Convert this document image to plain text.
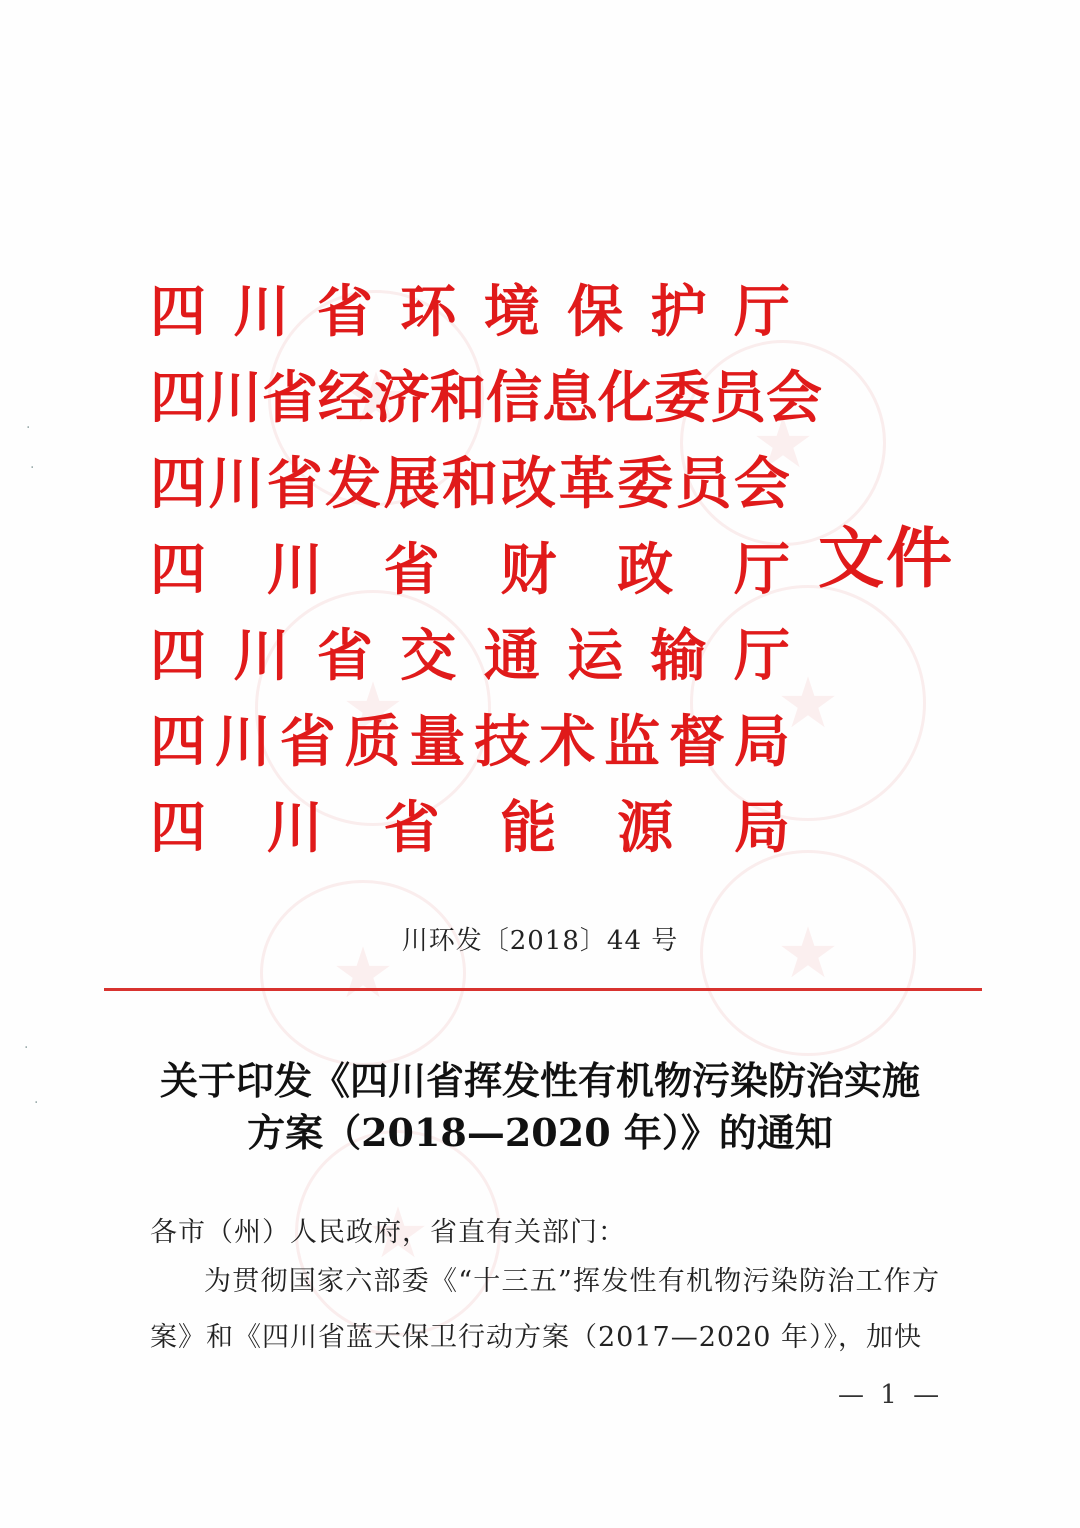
★
★
★
★
★
★
★
·
·
·
·
四 川 省 环 境 保 护 厅
四 川 省 经 济 和 信 息 化 委 员 会
四 川 省 发 展 和 改 革 委 员 会
四 川 省 财 政 厅
四 川 省 交 通 运 输 厅
四 川 省 质 量 技 术 监 督 局
四 川 省 能 源 局
文件
川环发〔2018〕44 号
关于印发《四川省挥发性有机物污染防治实施
方案（2018—2020 年）》的通知
各市（州）人民政府，省直有关部门：
为贯彻国家六部委《“十三五”挥发性有机物污染防治工作方案》和《四川省蓝天保卫行动方案（2017—2020 年）》，加快
— 1 —
